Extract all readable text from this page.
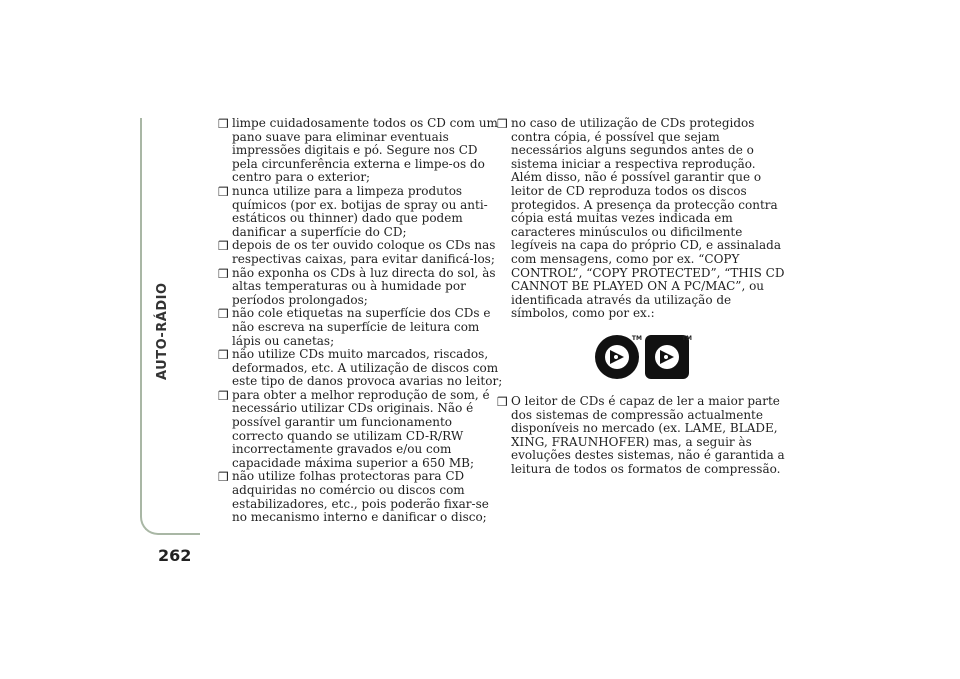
AUTO-RÁDIO
262
❒ limpe cuidadosamente todos os CD com um pano suave para eliminar eventuais impressões digitais e pó. Segure nos CD pela circunferência externa e limpe-os do centro para o exterior;
❒ nunca utilize para a limpeza produtos químicos (por ex. botijas de spray ou anti-estáticos ou thinner) dado que podem danificar a superfície do CD;
❒ depois de os ter ouvido coloque os CDs nas respectivas caixas, para evitar danificá-los;
❒ não exponha os CDs à luz directa do sol, às altas temperaturas ou à humidade por períodos prolongados;
❒ não cole etiquetas na superfície dos CDs e não escreva na superfície de leitura com lápis ou canetas;
❒ não utilize CDs muito marcados, riscados, deformados, etc. A utilização de discos com este tipo de danos provoca avarias no leitor;
❒ para obter a melhor reprodução de som, é necessário utilizar CDs originais. Não é possível garantir um funcionamento correcto quando se utilizam CD-R/RW incorrectamente gravados e/ou com capacidade máxima superior a 650 MB;
❒ não utilize folhas protectoras para CD adquiridas no comércio ou discos com estabilizadores, etc., pois poderão fixar-se no mecanismo interno e danificar o disco;
❒ no caso de utilização de CDs protegidos contra cópia, é possível que sejam necessários alguns segundos antes de o sistema iniciar a respectiva reprodução. Além disso, não é possível garantir que o leitor de CD reproduza todos os discos protegidos. A presença da protecção contra cópia está muitas vezes indicada em caracteres minúsculos ou dificilmente legíveis na capa do próprio CD, e assinalada com mensagens, como por ex. “COPY CONTROL”, “COPY PROTECTED”, “THIS CD CANNOT BE PLAYED ON A PC/MAC”, ou identificada através da utilização de símbolos, como por ex.:
TM	TM
❒ O leitor de CDs é capaz de ler a maior parte dos sistemas de compressão actualmente disponíveis no mercado (ex. LAME, BLADE, XING, FRAUNHOFER) mas, a seguir às evoluções destes sistemas, não é garantida a leitura de todos os formatos de compressão.
